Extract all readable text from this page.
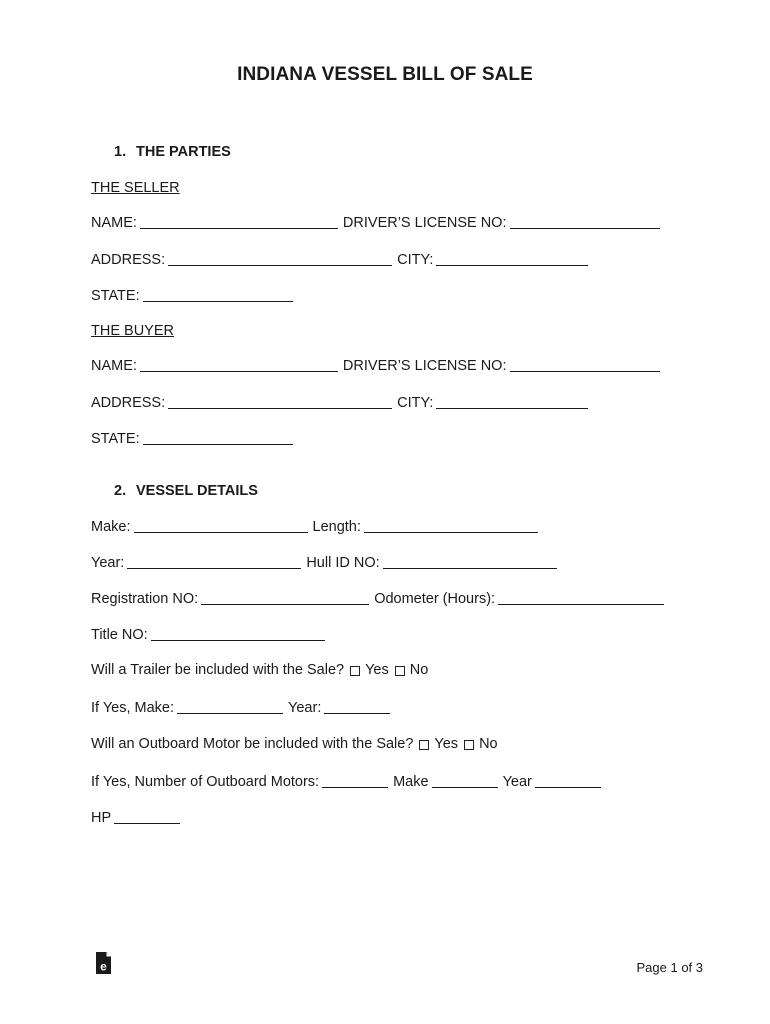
INDIANA VESSEL BILL OF SALE
1. THE PARTIES
THE SELLER
NAME:	DRIVER’S LICENSE NO:
ADDRESS:	CITY:
STATE:
THE BUYER
NAME:	DRIVER’S LICENSE NO:
ADDRESS:	CITY:
STATE:
2. VESSEL DETAILS
Make:	Length:
Year:	Hull ID NO:
Registration NO:	Odometer (Hours):
Title NO:
Will a Trailer be included with the Sale? Yes No
If Yes, Make:	Year:
Will an Outboard Motor be included with the Sale? Yes No
If Yes, Number of Outboard Motors:	Make	Year
HP
e	Page 1 of 3
